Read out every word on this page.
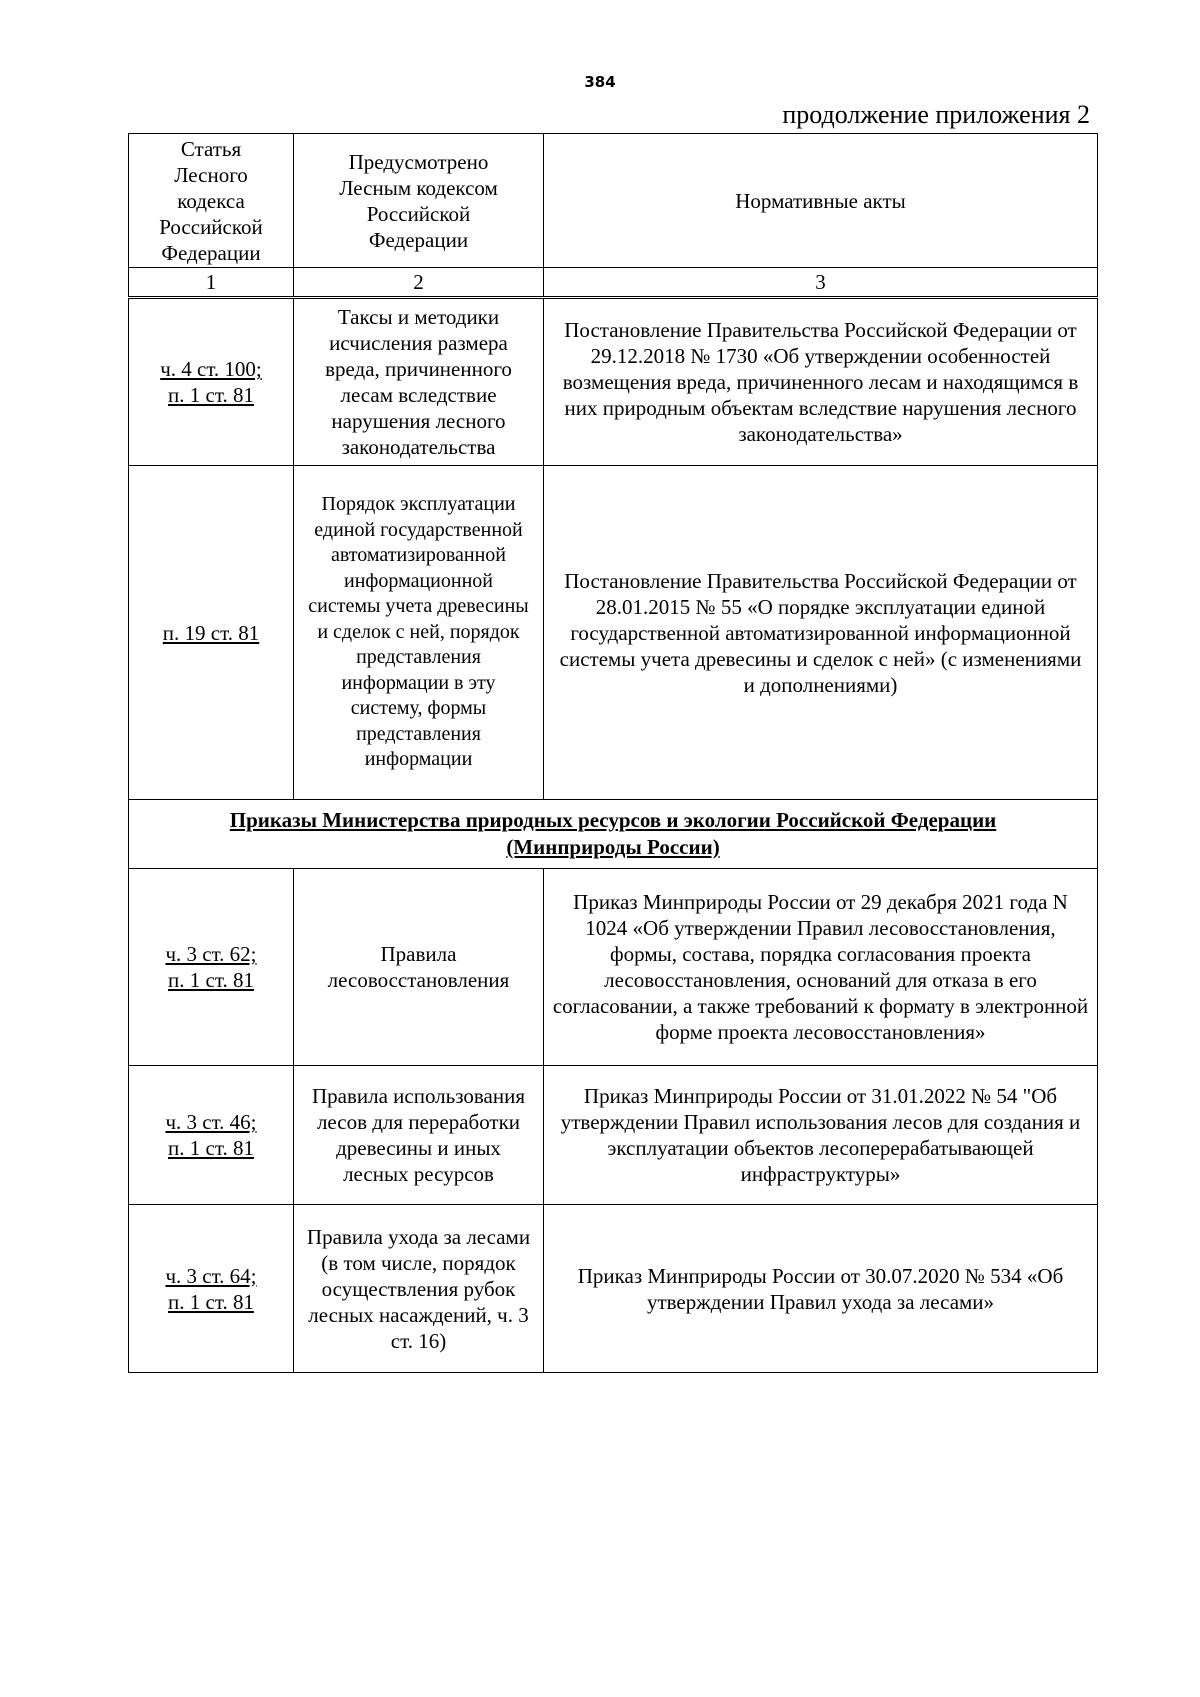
384
продолжение приложения 2
Статья Лесного кодекса Российской Федерации	Предусмотрено Лесным кодексом Российской Федерации	Нормативные акты
1	2	3
ч. 4 ст. 100;
п. 1 ст. 81	Таксы и методики исчисления размера вреда, причиненного лесам вследствие нарушения лесного законодательства	Постановление Правительства Российской Федерации от 29.12.2018 № 1730 «Об утверждении особенностей возмещения вреда, причиненного лесам и находящимся в них природным объектам вследствие нарушения лесного законодательства»
п. 19 ст. 81	Порядок эксплуатации единой государственной автоматизированной информационной системы учета древесины и сделок с ней, порядок представления информации в эту систему, формы представления информации	Постановление Правительства Российской Федерации от 28.01.2015 № 55 «О порядке эксплуатации единой государственной автоматизированной информационной системы учета древесины и сделок с ней» (с изменениями и дополнениями)
Приказы Министерства природных ресурсов и экологии Российской Федерации
(Минприроды России)		
ч. 3 ст. 62;
п. 1 ст. 81	Правила лесовосстановления	Приказ Минприроды России от 29 декабря 2021 года N 1024 «Об утверждении Правил лесовосстановления, формы, состава, порядка согласования проекта лесовосстановления, оснований для отказа в его согласовании, а также требований к формату в электронной форме проекта лесовосстановления»
ч. 3 ст. 46;
п. 1 ст. 81	Правила использования лесов для переработки древесины и иных лесных ресурсов	Приказ Минприроды России от 31.01.2022 № 54 "Об утверждении Правил использования лесов для создания и эксплуатации объектов лесоперерабатывающей инфраструктуры»
ч. 3 ст. 64;
п. 1 ст. 81	Правила ухода за лесами (в том числе, порядок осуществления рубок лесных насаждений, ч. 3 ст. 16)	Приказ Минприроды России от 30.07.2020 № 534 «Об утверждении Правил ухода за лесами»
